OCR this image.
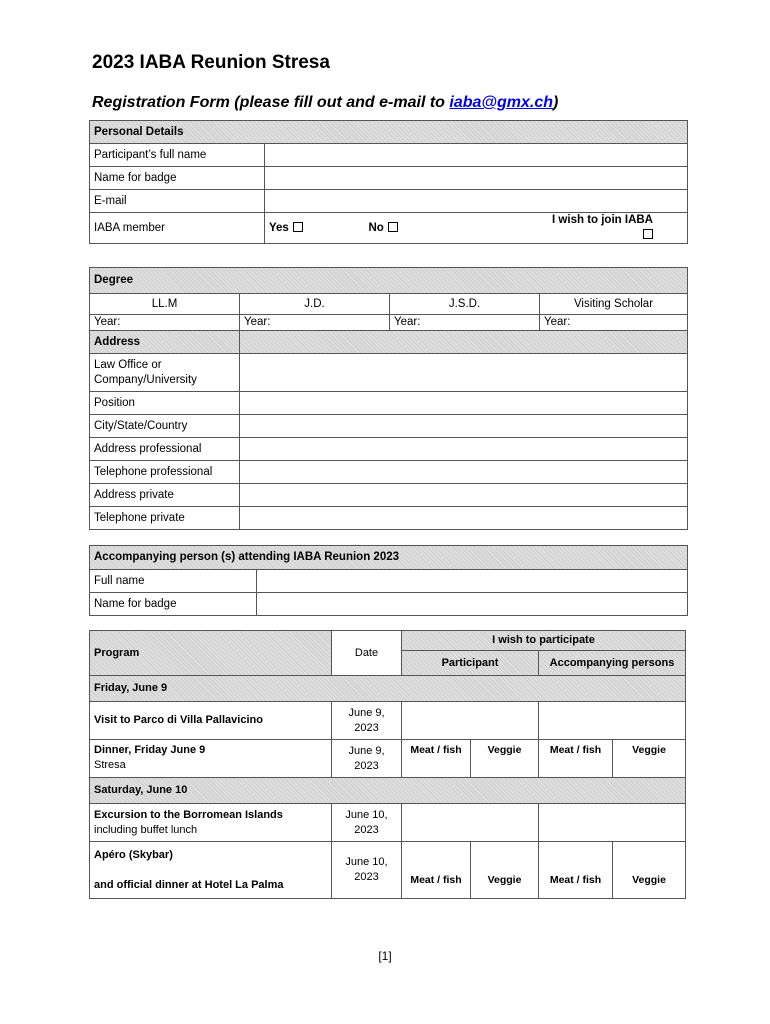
2023 IABA Reunion Stresa
Registration Form (please fill out and e-mail to iaba@gmx.ch)
Personal Details			
Participant’s full name			
Name for badge			
E-mail			
IABA member	Yes	No	I wish to join IABA
Degree			
LL.M	J.D.	J.S.D.	Visiting Scholar
Year:	Year:	Year:	Year:
Address			
Law Office or Company/University			
Position			
City/State/Country			
Address professional			
Telephone professional			
Address private			
Telephone private			
Accompanying person (s) attending IABA Reunion 2023	
Full name	
Name for badge	
Program	Date	I wish to participate			
		Participant		Accompanying persons	
Friday, June 9					
Visit to Parco di Villa Pallavicino	June 9, 2023				

Dinner, Friday June 9
Stresa	June 9, 2023	Meat / fish	Veggie	Meat / fish	Veggie
Saturday, June 10					

Excursion to the Borromean Islands
including buffet lunch	June 10, 2023				

Apéro (Skybar)
and official dinner at Hotel La Palma	June 10, 2023	Meat / fish	Veggie	Meat / fish	Veggie
[1]
